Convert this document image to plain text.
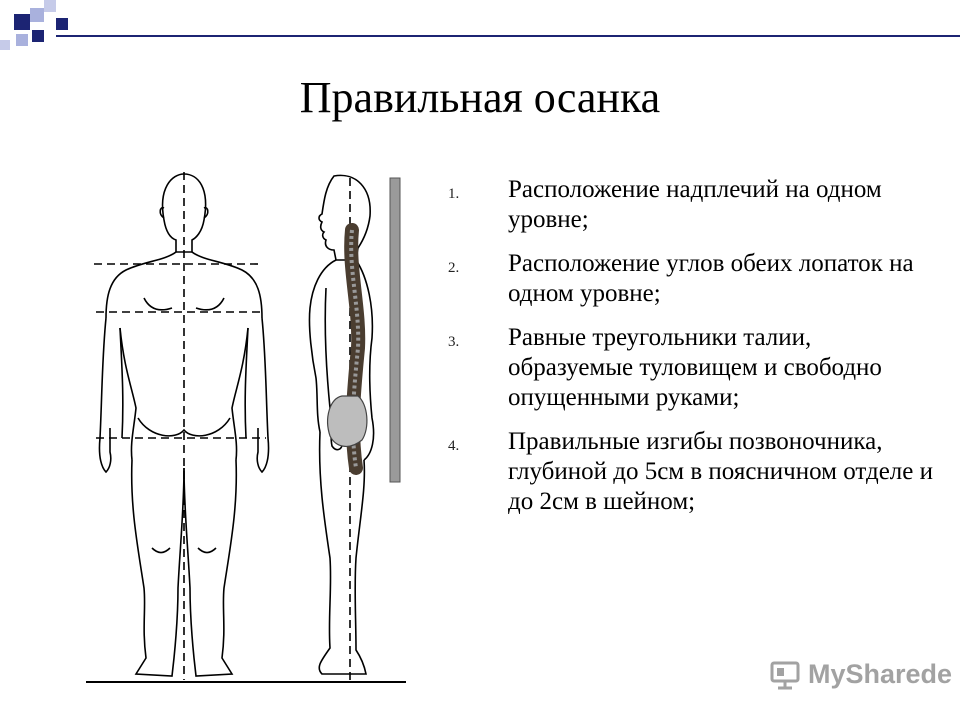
Правильная осанка
1. Расположение надплечий на одном уровне;
2. Расположение углов обеих лопаток на одном уровне;
3. Равные треугольники талии, образуемые туловищем и свободно опущенными руками;
4. Правильные изгибы позвоночника, глубиной до 5см в поясничном отделе и до 2см в шейном;
MySharede
